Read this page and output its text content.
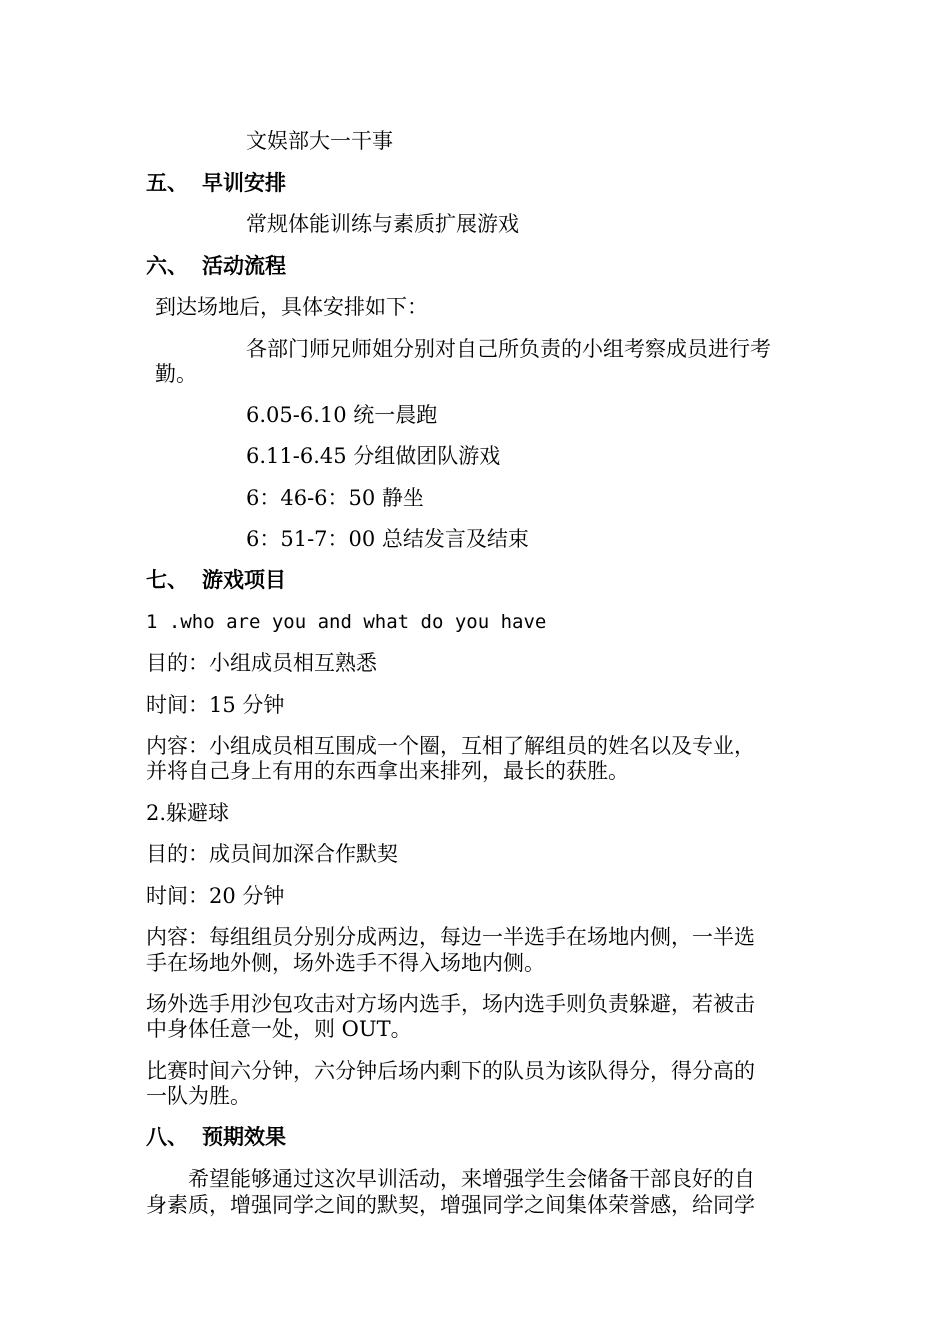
文娱部大一干事
五、 早训安排
常规体能训练与素质扩展游戏
六、 活动流程
到达场地后，具体安排如下：
各部门师兄师姐分别对自己所负责的小组考察成员进行考
勤。
6.05-6.10 统一晨跑
6.11-6.45 分组做团队游戏
6：46-6：50 静坐
6：51-7：00 总结发言及结束
七、 游戏项目
1 .who are you and what do you have
目的：小组成员相互熟悉
时间：15 分钟
内容：小组成员相互围成一个圈，互相了解组员的姓名以及专业，
并将自己身上有用的东西拿出来排列，最长的获胜。
2.躲避球
目的：成员间加深合作默契
时间：20 分钟
内容：每组组员分别分成两边，每边一半选手在场地内侧，一半选
手在场地外侧，场外选手不得入场地内侧。
场外选手用沙包攻击对方场内选手，场内选手则负责躲避，若被击
中身体任意一处，则 OUT。
比赛时间六分钟，六分钟后场内剩下的队员为该队得分，得分高的
一队为胜。
八、 预期效果
希望能够通过这次早训活动，来增强学生会储备干部良好的自
身素质，增强同学之间的默契，增强同学之间集体荣誉感，给同学
